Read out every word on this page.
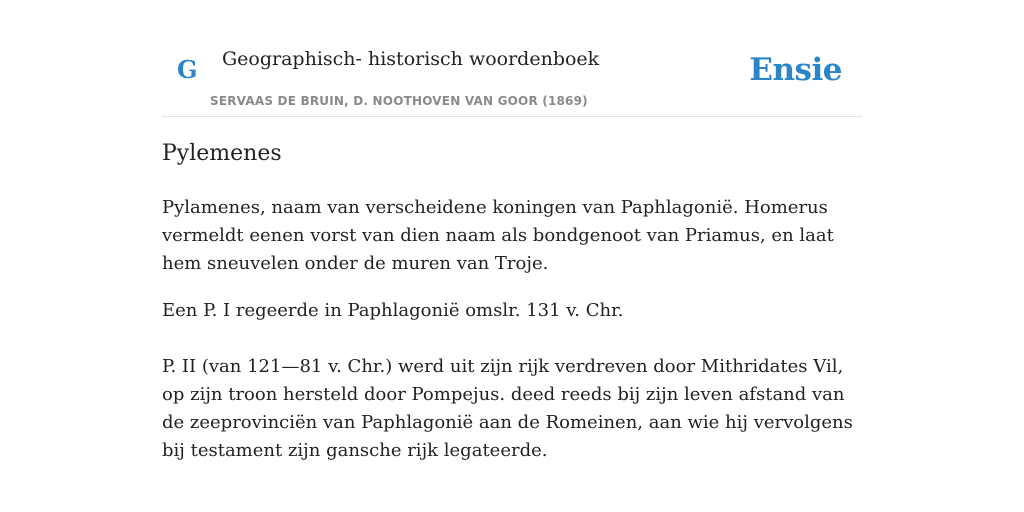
G Geographisch- historisch woordenboek
SERVAAS DE BRUIN, D. NOOTHOVEN VAN GOOR (1869)
Ensie
Pylemenes

Pylamenes, naam van verscheidene koningen van Paphlagonië. Homerus vermeldt eenen vorst van dien naam als bondgenoot van Priamus, en laat hem sneuvelen onder de muren van Troje.

Een P. I regeerde in Paphlagonië omslr. 131 v. Chr.

P. II (van 121—81 v. Chr.) werd uit zijn rijk verdreven door Mithridates Vil, op zijn troon hersteld door Pompejus. deed reeds bij zijn leven afstand van de zeeprovinciën van Paphlagonië aan de Romeinen, aan wie hij vervolgens bij testament zijn gansche rijk legateerde.
